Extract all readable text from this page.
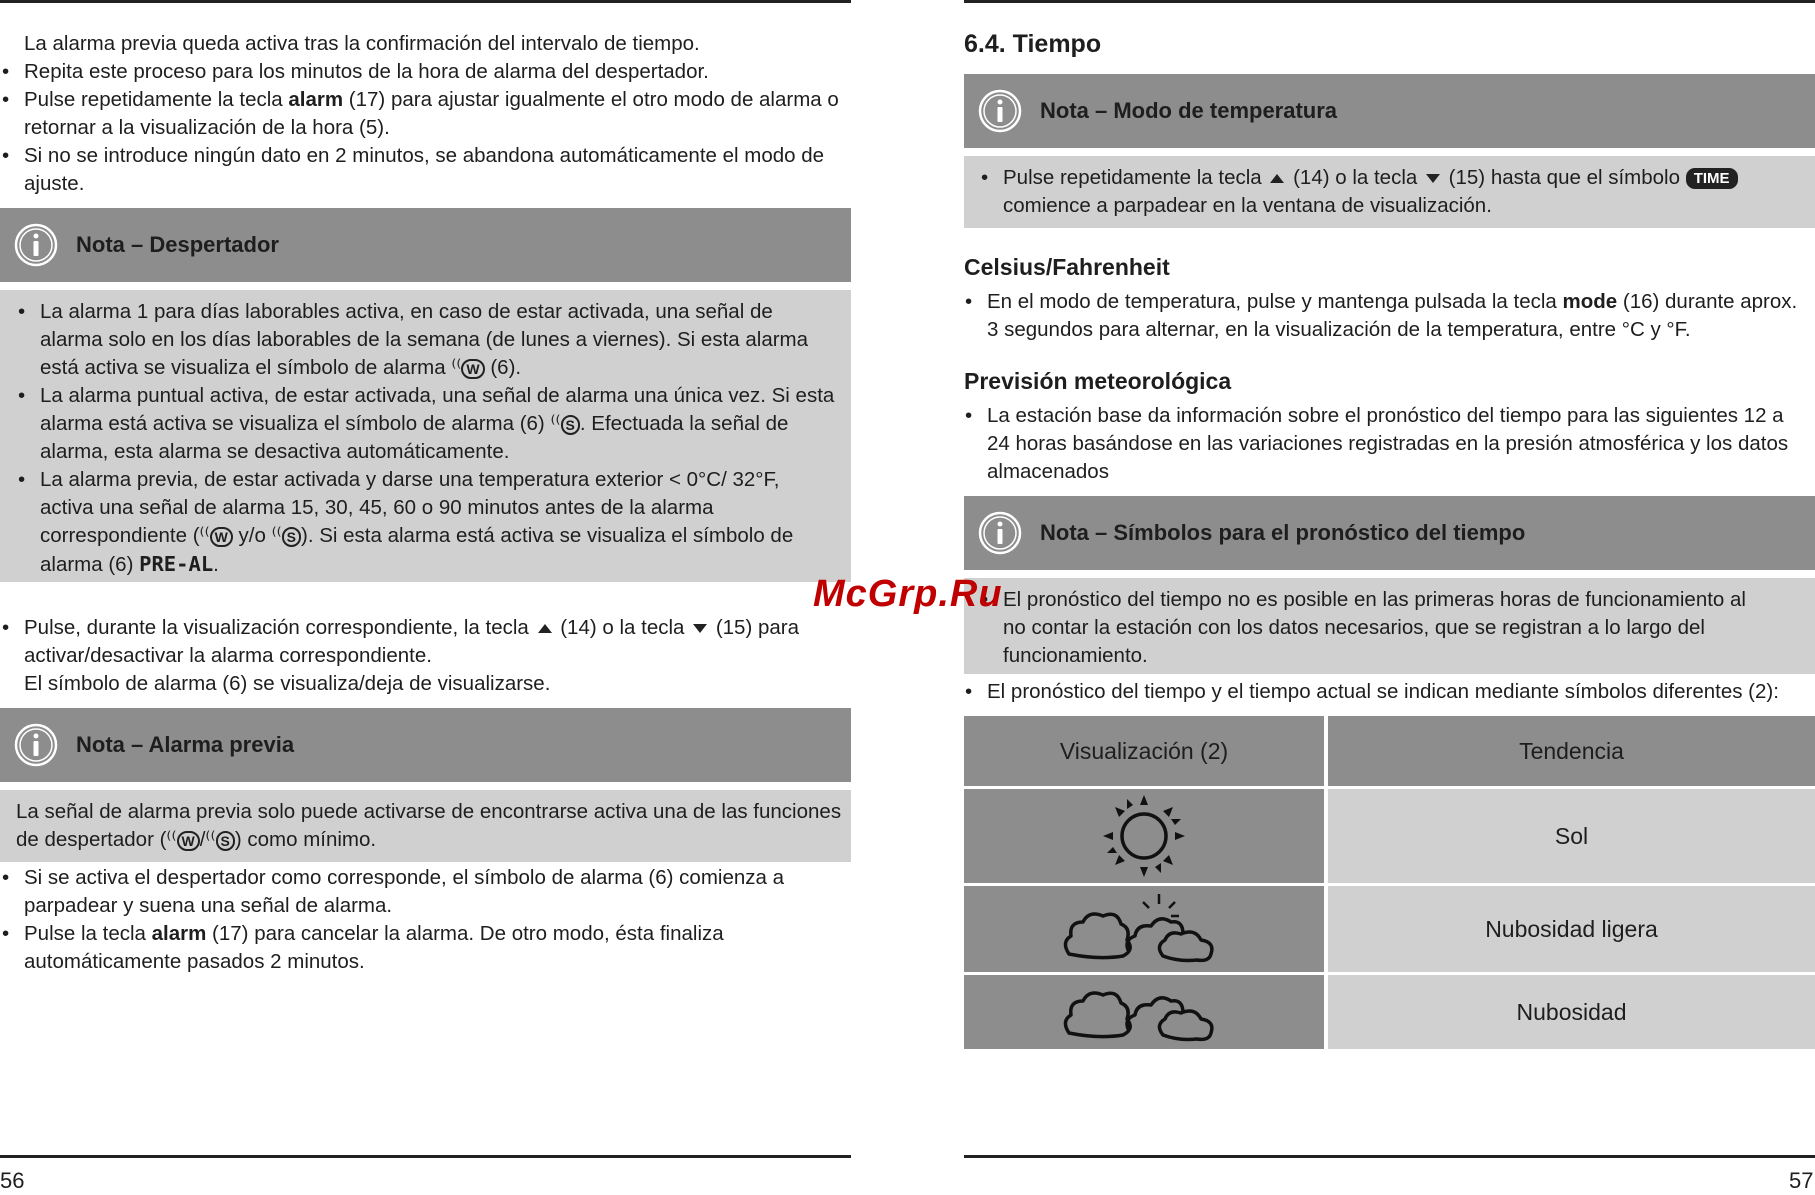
La alarma previa queda activa tras la confirmación del intervalo de tiempo.
• Repita este proceso para los minutos de la hora de alarma del despertador.
• Pulse repetidamente la tecla alarm (17) para ajustar igualmente el otro modo de alarma o retornar a la visualización de la hora (5).
• Si no se introduce ningún dato en 2 minutos, se abandona automáticamente el modo de ajuste.
Nota – Despertador
• La alarma 1 para días laborables activa, en caso de estar activada, una señal de alarma solo en los días laborables de la semana (de lunes a viernes). Si esta alarma está activa se visualiza el símbolo de alarma ⁽⁽ W (6).
• La alarma puntual activa, de estar activada, una señal de alarma una única vez. Si esta alarma está activa se visualiza el símbolo de alarma (6) ⁽⁽ S . Efectuada la señal de alarma, esta alarma se desactiva automáticamente.
• La alarma previa, de estar activada y darse una temperatura exterior < 0°C/ 32°F, activa una señal de alarma 15, 30, 45, 60 o 90 minutos antes de la alarma correspondiente (⁽⁽ W y/o ⁽⁽ S ). Si esta alarma está activa se visualiza el símbolo de alarma (6) PRE-AL.
• Pulse, durante la visualización correspondiente, la tecla  (14) o la tecla  (15) para activar/desactivar la alarma correspondiente.
El símbolo de alarma (6) se visualiza/deja de visualizarse.
Nota – Alarma previa
La señal de alarma previa solo puede activarse de encontrarse activa una de las funciones de despertador (⁽⁽ W /⁽⁽ S ) como mínimo.
• Si se activa el despertador como corresponde, el símbolo de alarma (6) comienza a parpadear y suena una señal de alarma.
• Pulse la tecla alarm (17) para cancelar la alarma. De otro modo, ésta finaliza automáticamente pasados 2 minutos.
56
6.4. Tiempo
Nota – Modo de temperatura
• Pulse repetidamente la tecla  (14) o la tecla  (15) hasta que el símbolo TIME comience a parpadear en la ventana de visualización.
Celsius/Fahrenheit
• En el modo de temperatura, pulse y mantenga pulsada la tecla mode (16) durante aprox. 3 segundos para alternar, en la visualización de la temperatura, entre °C y °F.
Previsión meteorológica
• La estación base da información sobre el pronóstico del tiempo para las siguientes 12 a 24 horas basándose en las variaciones registradas en la presión atmosférica y los datos almacenados
Nota – Símbolos para el pronóstico del tiempo
• El pronóstico del tiempo no es posible en las primeras horas de funcionamiento al no contar la estación con los datos necesarios, que se registran a lo largo del funcionamiento.
• El pronóstico del tiempo y el tiempo actual se indican mediante símbolos diferentes (2):
Visualización (2)	Tendencia
Sol
Nubosidad ligera
Nubosidad
57
McGrp.Ru
